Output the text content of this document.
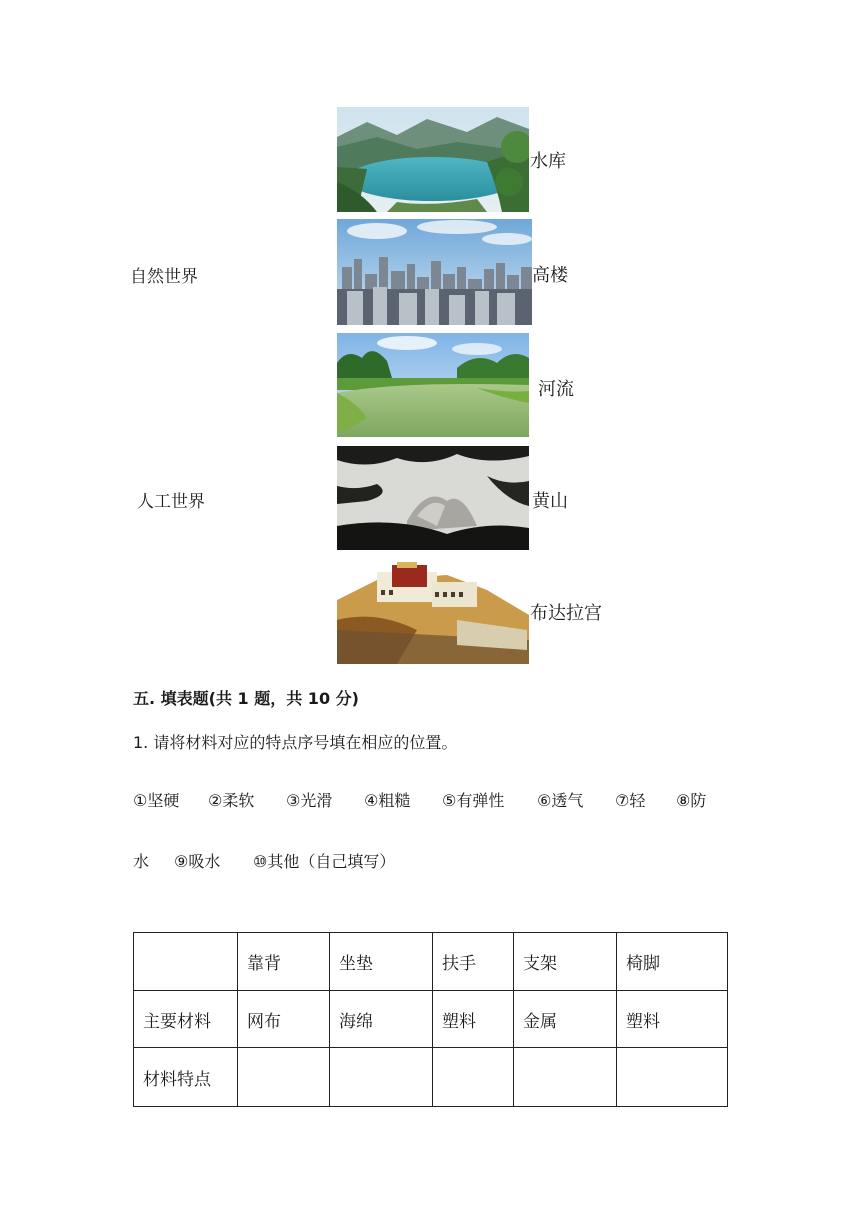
自然世界
人工世界
水库
高楼
河流
黄山
布达拉宫
五. 填表题(共 1 题，共 10 分)
1. 请将材料对应的特点序号填在相应的位置。
①坚硬 ②柔软 ③光滑 ④粗糙 ⑤有弹性 ⑥透气 ⑦轻 ⑧防
水 ⑨吸水 ⑩其他（自己填写）
	靠背	坐垫	扶手	支架	椅脚
主要材料	网布	海绵	塑料	金属	塑料
材料特点					
